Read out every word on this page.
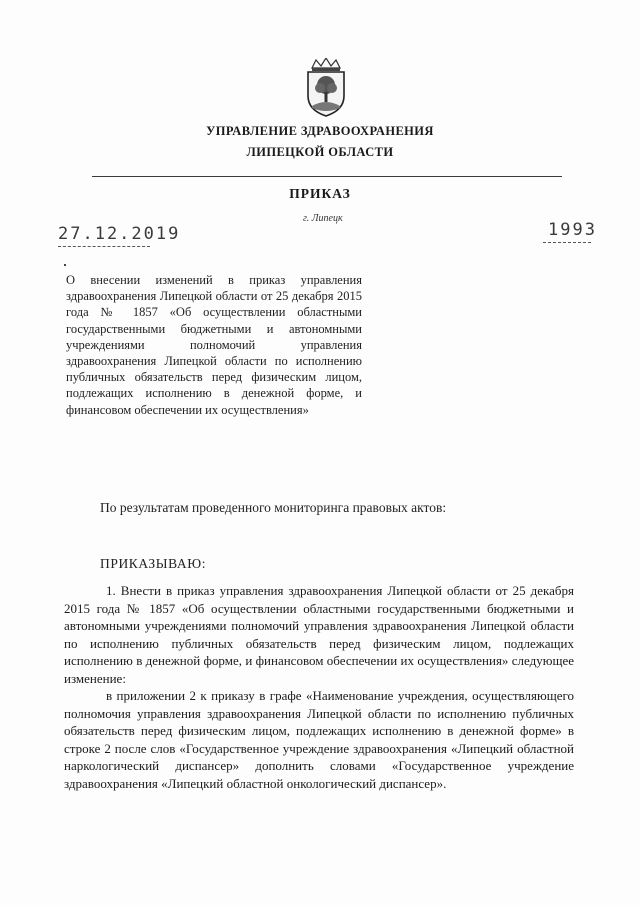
УПРАВЛЕНИЕ ЗДРАВООХРАНЕНИЯ
ЛИПЕЦКОЙ ОБЛАСТИ
ПРИКАЗ
г. Липецк
27.12.2019	1993
О внесении изменений в приказ управления здравоохранения Липецкой области от 25 декабря 2015 года № 1857 «Об осуществлении областными государственными бюджетными и автономными учреждениями полномочий управления здравоохранения Липецкой области по исполнению публичных обязательств перед физическим лицом, подлежащих исполнению в денежной форме, и финансовом обеспечении их осуществления»
По результатам проведенного мониторинга правовых актов:
ПРИКАЗЫВАЮ:

1. Внести в приказ управления здравоохранения Липецкой области от 25 декабря 2015 года № 1857 «Об осуществлении областными государственными бюджетными и автономными учреждениями полномочий управления здравоохранения Липецкой области по исполнению публичных обязательств перед физическим лицом, подлежащих исполнению в денежной форме, и финансовом обеспечении их осуществления» следующее изменение:

в приложении 2 к приказу в графе «Наименование учреждения, осуществляющего полномочия управления здравоохранения Липецкой области по исполнению публичных обязательств перед физическим лицом, подлежащих исполнению в денежной форме» в строке 2 после слов «Государственное учреждение здравоохранения «Липецкий областной наркологический диспансер» дополнить словами «Государственное учреждение здравоохранения «Липецкий областной онкологический диспансер».
